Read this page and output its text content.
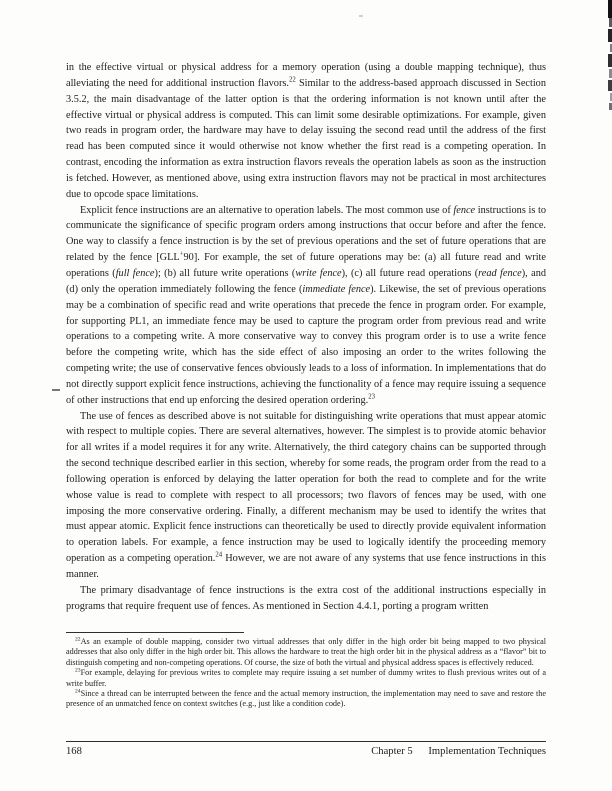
in the effective virtual or physical address for a memory operation (using a double mapping technique), thus alleviating the need for additional instruction flavors.$^{22}$ Similar to the address-based approach discussed in Section 3.5.2, the main disadvantage of the latter option is that the ordering information is not known until after the effective virtual or physical address is computed. This can limit some desirable optimizations. For example, given two reads in program order, the hardware may have to delay issuing the second read until the address of the first read has been computed since it would otherwise not know whether the first read is a competing operation. In contrast, encoding the information as extra instruction flavors reveals the operation labels as soon as the instruction is fetched. However, as mentioned above, using extra instruction flavors may not be practical in most architectures due to opcode space limitations.

Explicit fence instructions are an alternative to operation labels. The most common use of fence instructions is to communicate the significance of specific program orders among instructions that occur before and after the fence. One way to classify a fence instruction is by the set of previous operations and the set of future operations that are related by the fence [GLL+90]. For example, the set of future operations may be: (a) all future read and write operations (full fence); (b) all future write operations (write fence), (c) all future read operations (read fence), and (d) only the operation immediately following the fence (immediate fence). Likewise, the set of previous operations may be a combination of specific read and write operations that precede the fence in program order. For example, for supporting PL1, an immediate fence may be used to capture the program order from previous read and write operations to a competing write. A more conservative way to convey this program order is to use a write fence before the competing write, which has the side effect of also imposing an order to the writes following the competing write; the use of conservative fences obviously leads to a loss of information. In implementations that do not directly support explicit fence instructions, achieving the functionality of a fence may require issuing a sequence of other instructions that end up enforcing the desired operation ordering.$^{23}$

The use of fences as described above is not suitable for distinguishing write operations that must appear atomic with respect to multiple copies. There are several alternatives, however. The simplest is to provide atomic behavior for all writes if a model requires it for any write. Alternatively, the third category chains can be supported through the second technique described earlier in this section, whereby for some reads, the program order from the read to a following operation is enforced by delaying the latter operation for both the read to complete and for the write whose value is read to complete with respect to all processors; two flavors of fences may be used, with one imposing the more conservative ordering. Finally, a different mechanism may be used to identify the writes that must appear atomic. Explicit fence instructions can theoretically be used to directly provide equivalent information to operation labels. For example, a fence instruction may be used to logically identify the proceeding memory operation as a competing operation.$^{24}$ However, we are not aware of any systems that use fence instructions in this manner.

The primary disadvantage of fence instructions is the extra cost of the additional instructions especially in programs that require frequent use of fences. As mentioned in Section 4.4.1, porting a program written

$^{22}$As an example of double mapping, consider two virtual addresses that only differ in the high order bit being mapped to two physical addresses that also only differ in the high order bit. This allows the hardware to treat the high order bit in the physical address as a “flavor” bit to distinguish competing and non-competing operations. Of course, the size of both the virtual and physical address spaces is effectively reduced.

$^{23}$For example, delaying for previous writes to complete may require issuing a set number of dummy writes to flush previous writes out of a write buffer.

$^{24}$Since a thread can be interrupted between the fence and the actual memory instruction, the implementation may need to save and restore the presence of an unmatched fence on context switches (e.g., just like a condition code).

168	Chapter 5 Implementation Techniques
